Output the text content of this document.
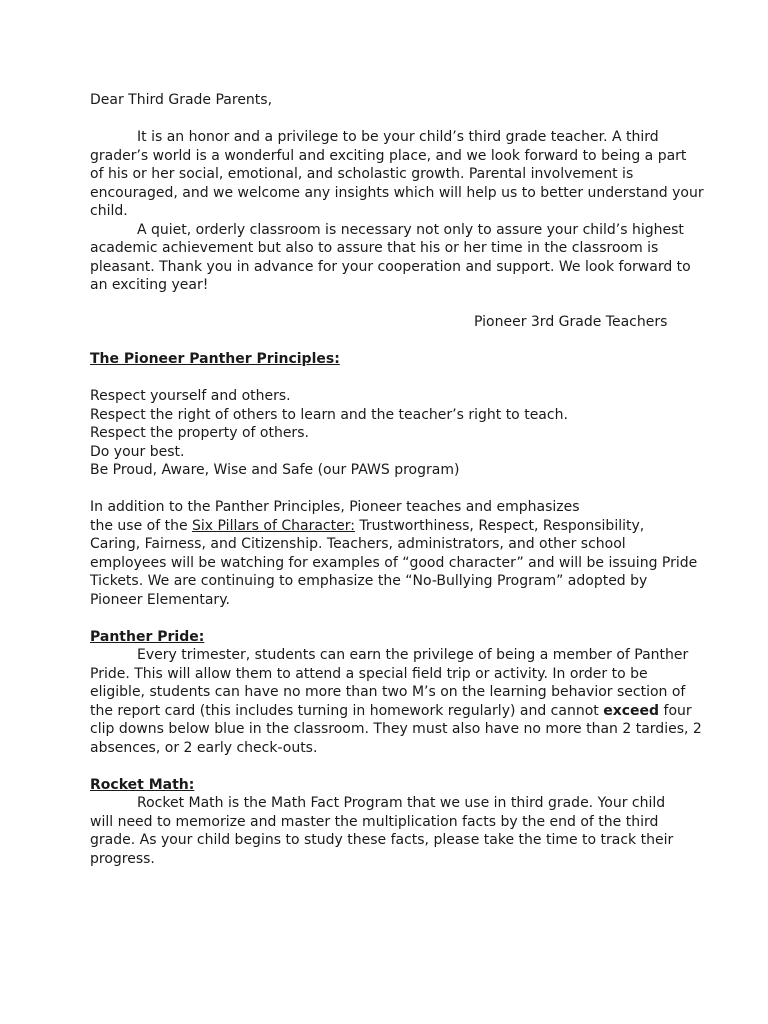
Dear Third Grade Parents,

It is an honor and a privilege to be your child’s third grade teacher. A third

grader’s world is a wonderful and exciting place, and we look forward to being a part

of his or her social, emotional, and scholastic growth. Parental involvement is

encouraged, and we welcome any insights which will help us to better understand your

child.

A quiet, orderly classroom is necessary not only to assure your child’s highest

academic achievement but also to assure that his or her time in the classroom is

pleasant. Thank you in advance for your cooperation and support. We look forward to

an exciting year!

Pioneer 3rd Grade Teachers

The Pioneer Panther Principles:

Respect yourself and others.

Respect the right of others to learn and the teacher’s right to teach.

Respect the property of others.

Do your best.

Be Proud, Aware, Wise and Safe (our PAWS program)

In addition to the Panther Principles, Pioneer teaches and emphasizes

the use of the Six Pillars of Character: Trustworthiness, Respect, Responsibility,

Caring, Fairness, and Citizenship. Teachers, administrators, and other school

employees will be watching for examples of “good character” and will be issuing Pride

Tickets. We are continuing to emphasize the “No-Bullying Program” adopted by

Pioneer Elementary.

Panther Pride:

Every trimester, students can earn the privilege of being a member of Panther

Pride. This will allow them to attend a special field trip or activity. In order to be

eligible, students can have no more than two M’s on the learning behavior section of

the report card (this includes turning in homework regularly) and cannot exceed four

clip downs below blue in the classroom. They must also have no more than 2 tardies, 2

absences, or 2 early check-outs.

Rocket Math:

Rocket Math is the Math Fact Program that we use in third grade. Your child

will need to memorize and master the multiplication facts by the end of the third

grade. As your child begins to study these facts, please take the time to track their

progress.
